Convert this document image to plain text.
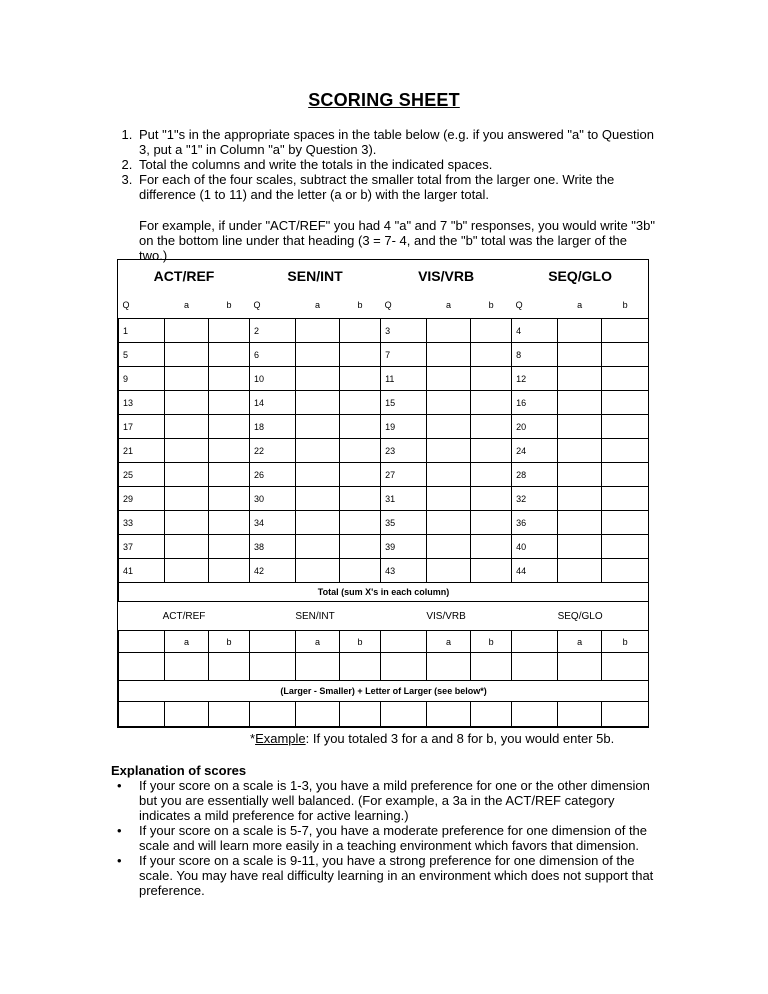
SCORING SHEET
1. Put "1"s in the appropriate spaces in the table below (e.g. if you answered "a" to Question 3, put a "1" in Column "a" by Question 3).
2. Total the columns and write the totals in the indicated spaces.
3. For each of the four scales, subtract the smaller total from the larger one. Write the difference (1 to 11) and the letter (a or b) with the larger total.
For example, if under "ACT/REF" you had 4 "a" and 7 "b" responses, you would write "3b" on the bottom line under that heading (3 = 7- 4, and the "b" total was the larger of the two.)
ACT/REF			SEN/INT			VIS/VRB			SEQ/GLO		
Q	a	b	Q	a	b	Q	a	b	Q	a	b
1			2			3			4		
5			6			7			8		
9			10			11			12		
13			14			15			16		
17			18			19			20		
21			22			23			24		
25			26			27			28		
29			30			31			32		
33			34			35			36		
37			38			39			40		
41			42			43			44		
Total (sum X's in each column)											
ACT/REF			SEN/INT			VIS/VRB			SEQ/GLO		
	a	b		a	b		a	b		a	b

(Larger - Smaller) + Letter of Larger (see below*)											

*Example: If you totaled 3 for a and 8 for b, you would enter 5b.
Explanation of scores
• If your score on a scale is 1-3, you have a mild preference for one or the other dimension but you are essentially well balanced. (For example, a 3a in the ACT/REF category indicates a mild preference for active learning.)
• If your score on a scale is 5-7, you have a moderate preference for one dimension of the scale and will learn more easily in a teaching environment which favors that dimension.
• If your score on a scale is 9-11, you have a strong preference for one dimension of the scale. You may have real difficulty learning in an environment which does not support that preference.
